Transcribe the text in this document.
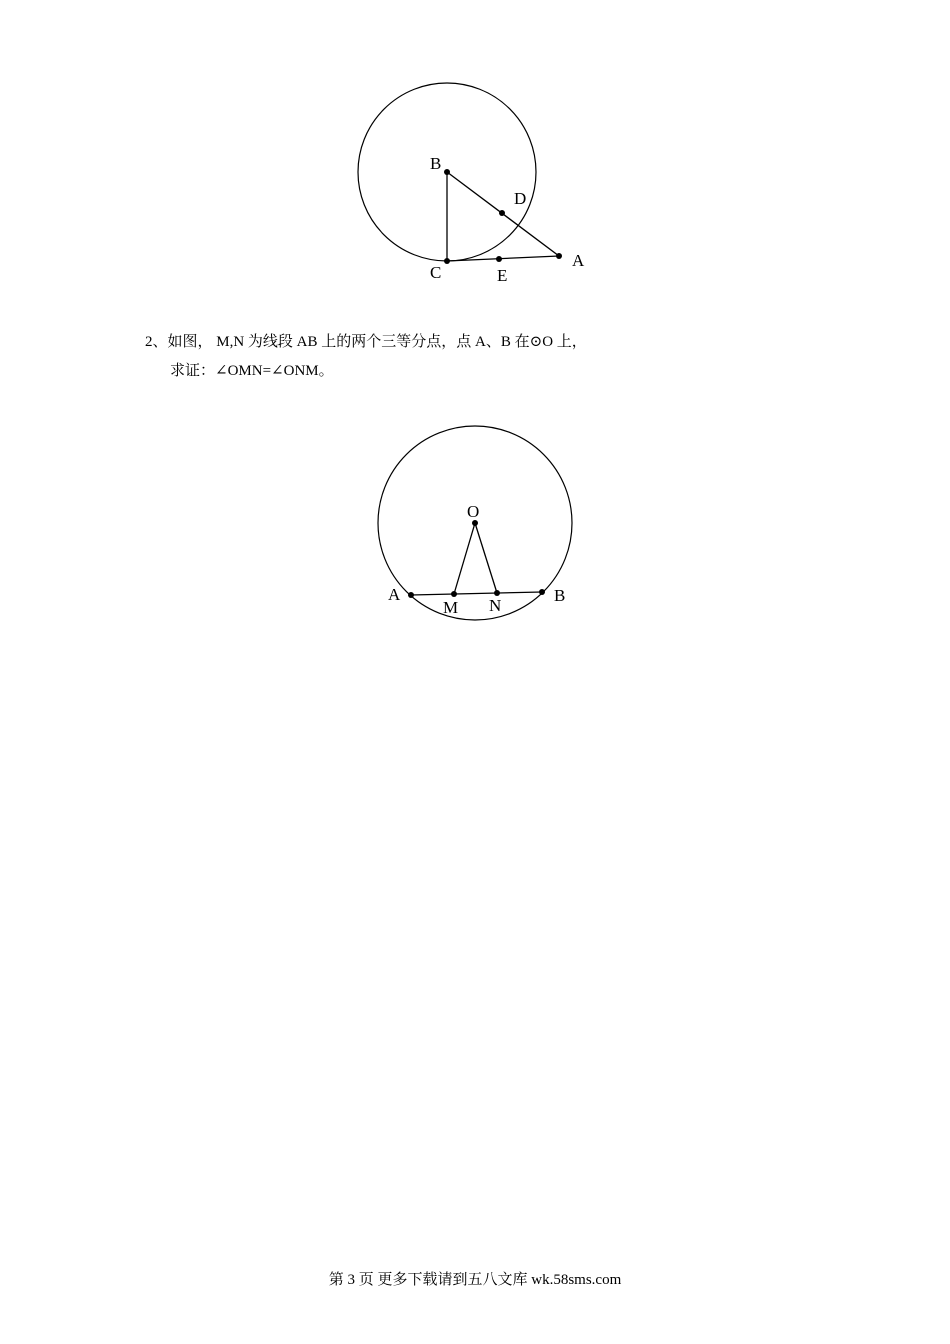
B
D
C	E
A
2、如图， M,N 为线段 AB 上的两个三等分点，点 A、B 在⊙O 上，
求证：∠OMN=∠ONM。
O
A
M N
B
第 3 页 更多下载请到五八文库 wk.58sms.com
